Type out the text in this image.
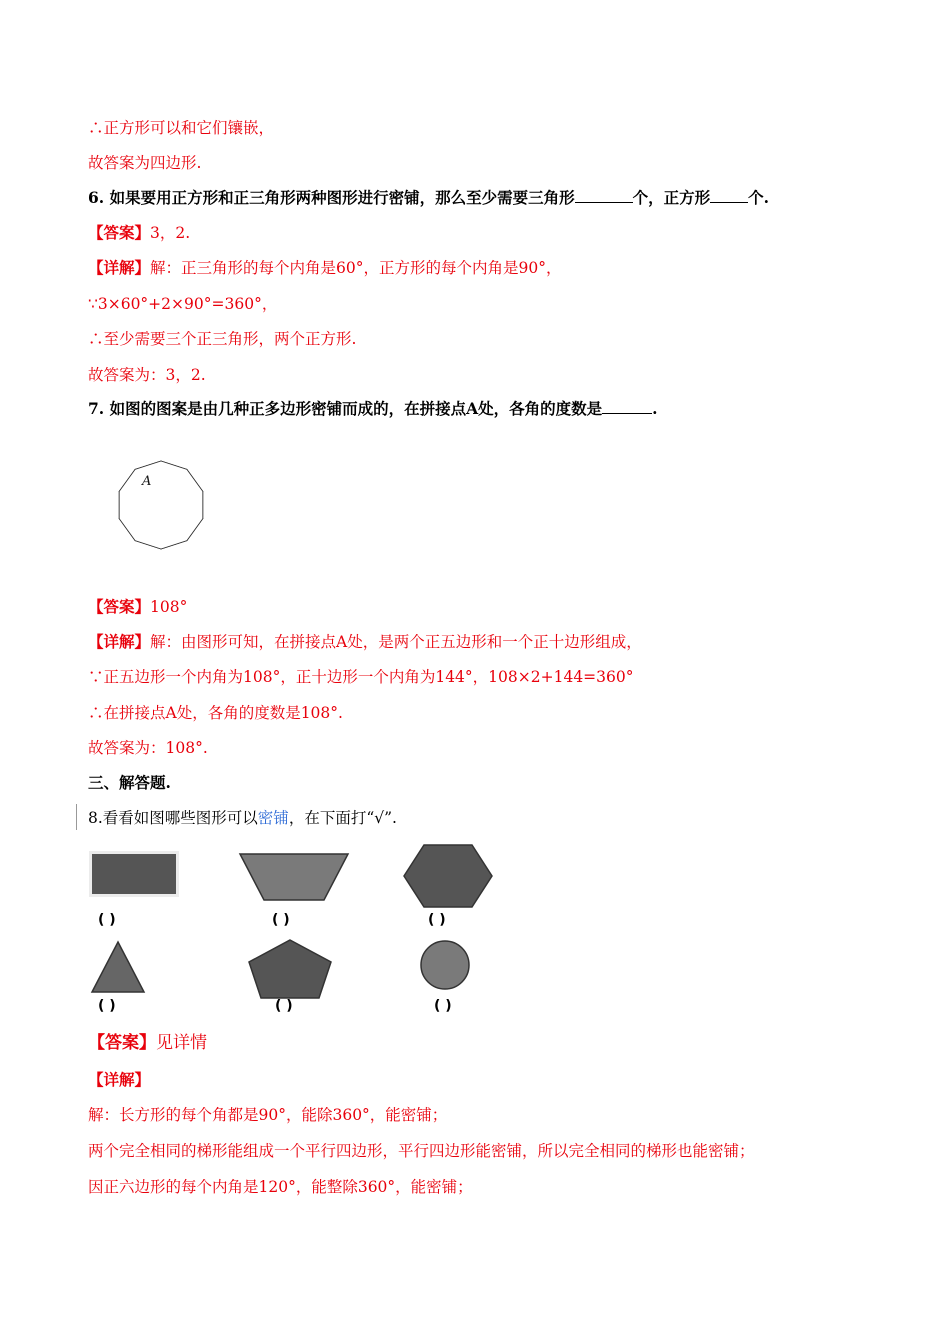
∴正方形可以和它们镶嵌，
故答案为四边形.
6. 如果要用正方形和正三角形两种图形进行密铺，那么至少需要三角形	个，正方形 个.
【答案】3，2.
【详解】解：正三角形的每个内角是60°，正方形的每个内角是90°，
∵3×60°+2×90°=360°，
∴至少需要三个正三角形，两个正方形.
故答案为：3，2.
7. 如图的图案是由几种正多边形密铺而成的，在拼接点A处，各角的度数是	.
A
【答案】108°
【详解】解：由图形可知，在拼接点A处，是两个正五边形和一个正十边形组成，
∵正五边形一个内角为108°，正十边形一个内角为144°，108×2+144=360°
∴在拼接点A处，各角的度数是108°.
故答案为：108°.
三、解答题.
8.看看如图哪些图形可以密铺，在下面打“√”.
( )	( )	( )
( )	( )	( )
【答案】见详情
【详解】
解：长方形的每个角都是90°，能除360°，能密铺；
两个完全相同的梯形能组成一个平行四边形，平行四边形能密铺，所以完全相同的梯形也能密铺；
因正六边形的每个内角是120°，能整除360°，能密铺；
